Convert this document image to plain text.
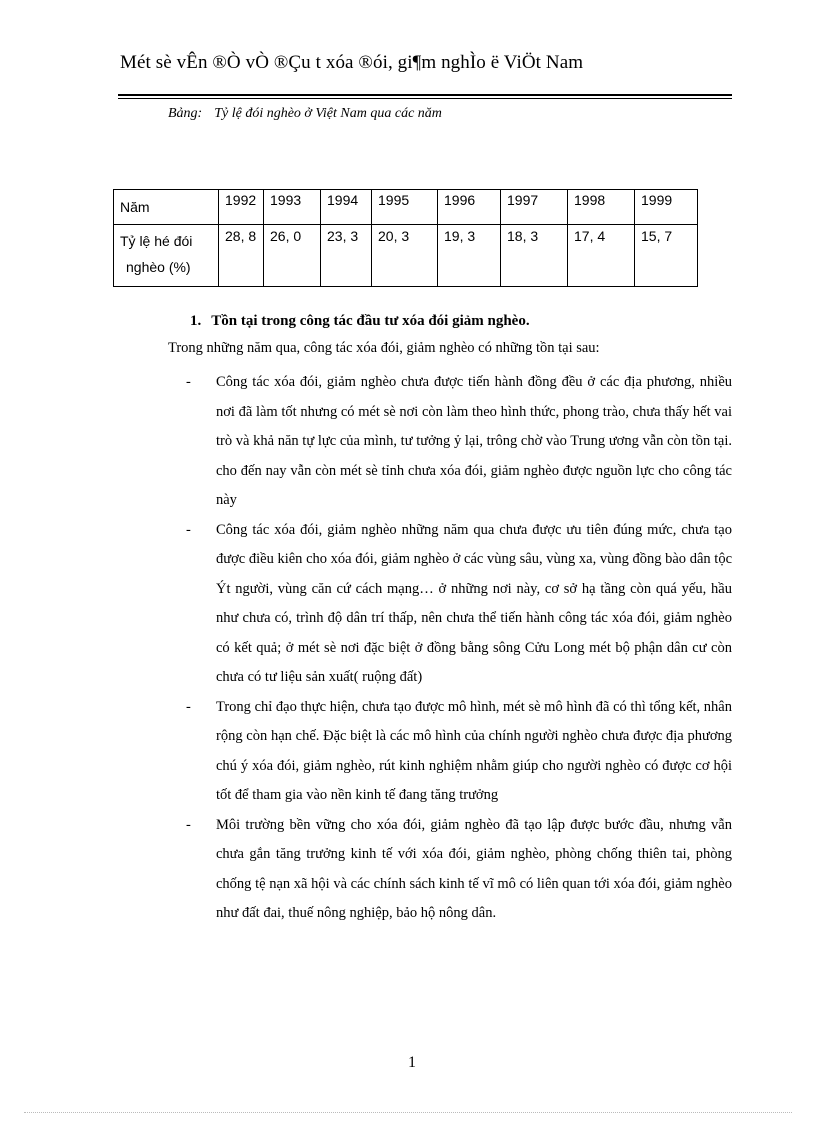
Mét sè vÊn ®Ò vÒ ®Çu t xóa ®ói, gi¶m nghÌo ë ViÖt Nam
Bảng: Tỷ lệ đói nghèo ở Việt Nam qua các năm
Năm	1992	1993	1994	1995	1996	1997	1998	1999

Tỷ lệ hé đói
nghèo (%)	28, 8	26, 0	23, 3	20, 3	19, 3	18, 3	17, 4	15, 7
1. Tồn tại trong công tác đầu tư xóa đói giảm nghèo.
Trong những năm qua, công tác xóa đói, giảm nghèo có những tồn tại sau:

- Công tác xóa đói, giảm nghèo chưa được tiến hành đồng đều ở các địa phương, nhiều nơi đã làm tốt nhưng có mét sè nơi còn làm theo hình thức, phong trào, chưa thấy hết vai trò và khả năn tự lực của mình, tư tưởng ỷ lại, trông chờ vào Trung ương vẫn còn tồn tại. cho đến nay vẫn còn mét sè tỉnh chưa xóa đói, giảm nghèo được nguồn lực cho công tác này

- Công tác xóa đói, giảm nghèo những năm qua chưa được ưu tiên đúng mức, chưa tạo được điều kiên cho xóa đói, giảm nghèo ở các vùng sâu, vùng xa, vùng đồng bào dân tộc Ýt người, vùng căn cứ cách mạng… ở những nơi này, cơ sở hạ tầng còn quá yếu, hầu như chưa có, trình độ dân trí thấp, nên chưa thể tiến hành công tác xóa đói, giảm nghèo có kết quả; ở mét sè nơi đặc biệt ở đồng bằng sông Cửu Long mét bộ phận dân cư còn chưa có tư liệu sản xuất( ruộng đất)

- Trong chỉ đạo thực hiện, chưa tạo được mô hình, mét sè mô hình đã có thì tổng kết, nhân rộng còn hạn chế. Đặc biệt là các mô hình của chính người nghèo chưa được địa phương chú ý xóa đói, giảm nghèo, rút kinh nghiệm nhằm giúp cho người nghèo có được cơ hội tốt để tham gia vào nền kinh tế đang tăng trưởng

- Môi trường bền vững cho xóa đói, giảm nghèo đã tạo lập được bước đầu, nhưng vẫn chưa gắn tăng trưởng kinh tế với xóa đói, giảm nghèo, phòng chống thiên tai, phòng chống tệ nạn xã hội và các chính sách kinh tế vĩ mô có liên quan tới xóa đói, giảm nghèo như đất đai, thuế nông nghiệp, bảo hộ nông dân.

1
